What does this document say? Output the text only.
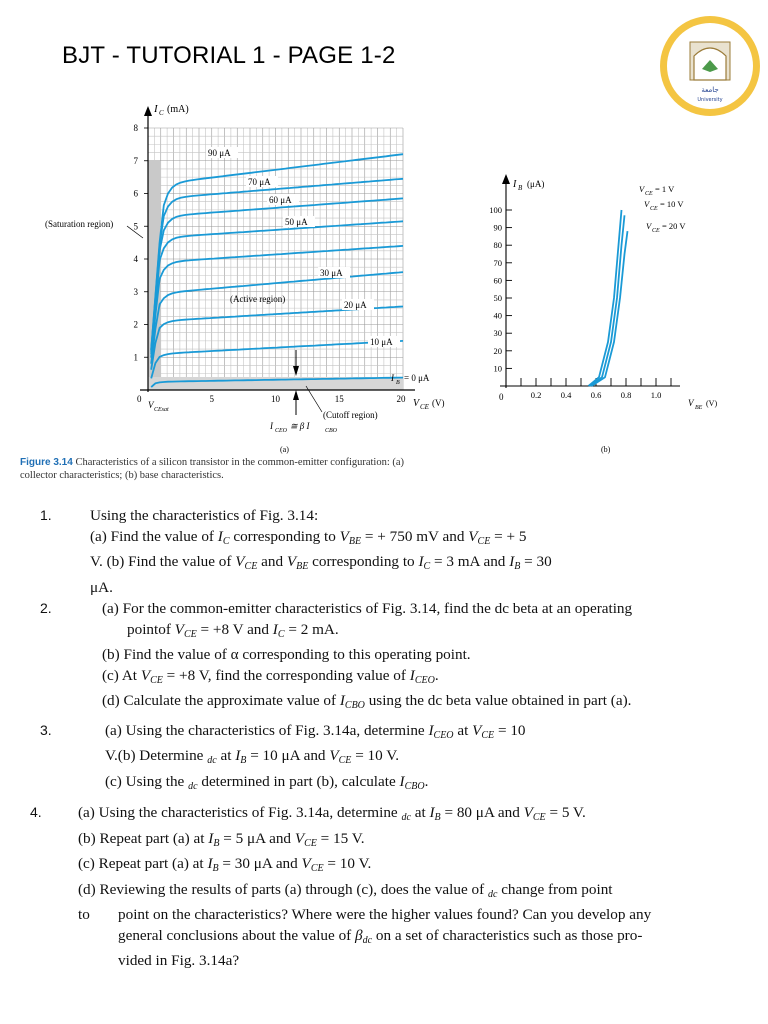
BJT - TUTORIAL 1 - PAGE 1-2
جامعة
University
I C (mA)
1
2
3
4
5
6
7
8
5	10	15	20
0	V CE (V)
90 μA
70 μA
60 μA
50 μA
30 μA
20 μA
10 μA
(Saturation region)
(Active region)
(Cutoff region)
V CEsat
I CEO ≅ β I	CBO
I B = 0 μA
(a)
I B (μA)
10
20
30
40
50
60
70
80
90
100
0.2 0.4 0.6 0.8 1.0
0
V BE (V)
V CE = 1 V
V CE = 10 V
V CE = 20 V
(b)
Figure 3.14 Characteristics of a silicon transistor in the common-emitter configuration: (a) collector characteristics; (b) base characteristics.
1.	Using the characteristics of Fig. 3.14:
(a) Find the value of $I_C$ corresponding to $V_{BE}$ = + 750 mV and $V_{CE}$ = + 5
V. (b) Find the value of $V_{CE}$ and $V_{BE}$ corresponding to $I_C = 3$ mA and $I_B = 30$
μA.
2.	(a) For the common-emitter characteristics of Fig. 3.14, find the dc beta at an operating
pointof $V_{CE} = +8$ V and $I_C = 2$ mA.
(b) Find the value of α corresponding to this operating point.
(c) At $V_{CE} = +8$ V, find the corresponding value of $I_{CEO}$.
(d) Calculate the approximate value of $I_{CBO}$ using the dc beta value obtained in part (a).
3.	(a) Using the characteristics of Fig. 3.14a, determine $I_{CEO}$ at $V_{CE} = 10$
V.(b) Determine $_{dc}$ at $I_B = 10$ μA and $V_{CE} = 10$ V.
(c) Using the $_{dc}$ determined in part (b), calculate $I_{CBO}$.
4. (a) Using the characteristics of Fig. 3.14a, determine $_{dc}$ at $I_B = 80$ μA and $V_{CE} = 5$ V.
(b) Repeat part (a) at $I_B = 5$ μA and $V_{CE} = 15$ V.
(c) Repeat part (a) at $I_B = 30$ μA and $V_{CE} = 10$ V.
(d) Reviewing the results of parts (a) through (c), does the value of $_{dc}$ change from point
to point on the characteristics? Where were the higher values found? Can you develop any
general conclusions about the value of $\beta_{dc}$ on a set of characteristics such as those pro-
vided in Fig. 3.14a?
